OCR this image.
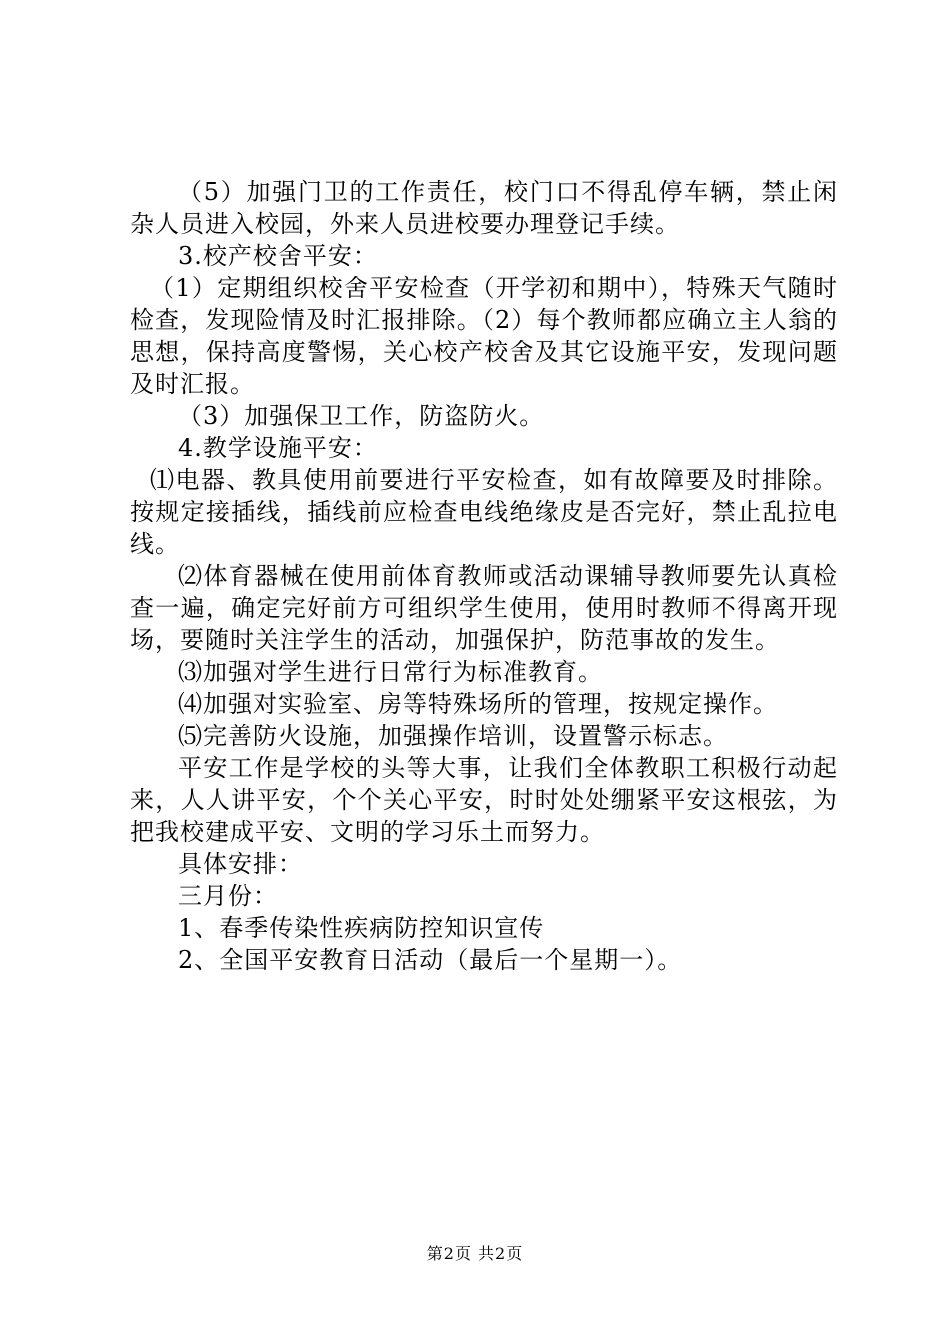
（5）加强门卫的工作责任，校门口不得乱停车辆，禁止闲杂人员进入校园，外来人员进校要办理登记手续。

3.校产校舍平安：

（1）定期组织校舍平安检查（开学初和期中），特殊天气随时检查，发现险情及时汇报排除。（2）每个教师都应确立主人翁的思想，保持高度警惕，关心校产校舍及其它设施平安，发现问题及时汇报。

（3）加强保卫工作，防盗防火。

4.教学设施平安：

⑴电器、教具使用前要进行平安检查，如有故障要及时排除。按规定接插线，插线前应检查电线绝缘皮是否完好，禁止乱拉电线。

⑵体育器械在使用前体育教师或活动课辅导教师要先认真检查一遍，确定完好前方可组织学生使用，使用时教师不得离开现场，要随时关注学生的活动，加强保护，防范事故的发生。

⑶加强对学生进行日常行为标准教育。

⑷加强对实验室、房等特殊场所的管理，按规定操作。

⑸完善防火设施，加强操作培训，设置警示标志。

平安工作是学校的头等大事，让我们全体教职工积极行动起来，人人讲平安，个个关心平安，时时处处绷紧平安这根弦，为把我校建成平安、文明的学习乐土而努力。

具体安排：

三月份：

1、春季传染性疾病防控知识宣传

2、全国平安教育日活动（最后一个星期一）。

第2页 共2页
